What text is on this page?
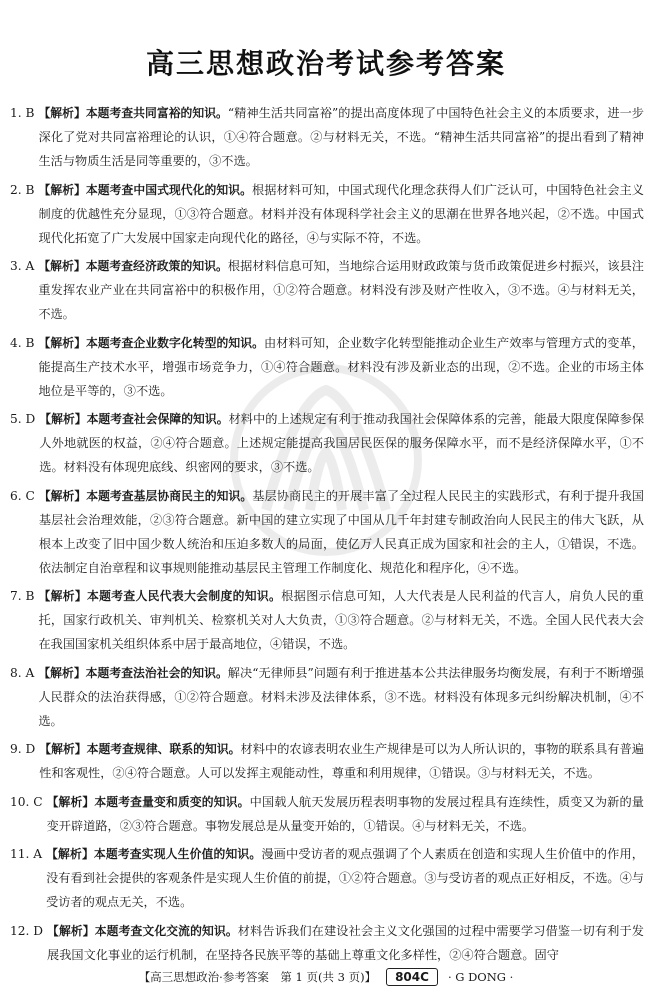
高三思想政治考试参考答案
1. B 【解析】本题考查共同富裕的知识。“精神生活共同富裕”的提出高度体现了中国特色社会主义的本质要求，进一步深化了党对共同富裕理论的认识，①④符合题意。②与材料无关，不选。“精神生活共同富裕”的提出看到了精神生活与物质生活是同等重要的，③不选。
2. B 【解析】本题考查中国式现代化的知识。根据材料可知，中国式现代化理念获得人们广泛认可，中国特色社会主义制度的优越性充分显现，①③符合题意。材料并没有体现科学社会主义的思潮在世界各地兴起，②不选。中国式现代化拓宽了广大发展中国家走向现代化的路径，④与实际不符，不选。
3. A 【解析】本题考查经济政策的知识。根据材料信息可知，当地综合运用财政政策与货币政策促进乡村振兴，该县注重发挥农业产业在共同富裕中的积极作用，①②符合题意。材料没有涉及财产性收入，③不选。④与材料无关，不选。
4. B 【解析】本题考查企业数字化转型的知识。由材料可知，企业数字化转型能推动企业生产效率与管理方式的变革，能提高生产技术水平，增强市场竞争力，①④符合题意。材料没有涉及新业态的出现，②不选。企业的市场主体地位是平等的，③不选。
5. D 【解析】本题考查社会保障的知识。材料中的上述规定有利于推动我国社会保障体系的完善，能最大限度保障参保人外地就医的权益，②④符合题意。上述规定能提高我国居民医保的服务保障水平，而不是经济保障水平，①不选。材料没有体现兜底线、织密网的要求，③不选。
6. C 【解析】本题考查基层协商民主的知识。基层协商民主的开展丰富了全过程人民民主的实践形式，有利于提升我国基层社会治理效能，②③符合题意。新中国的建立实现了中国从几千年封建专制政治向人民民主的伟大飞跃，从根本上改变了旧中国少数人统治和压迫多数人的局面，使亿万人民真正成为国家和社会的主人，①错误，不选。依法制定自治章程和议事规则能推动基层民主管理工作制度化、规范化和程序化，④不选。
7. B 【解析】本题考查人民代表大会制度的知识。根据图示信息可知，人大代表是人民利益的代言人，肩负人民的重托，国家行政机关、审判机关、检察机关对人大负责，①③符合题意。②与材料无关，不选。全国人民代表大会在我国国家机关组织体系中居于最高地位，④错误，不选。
8. A 【解析】本题考查法治社会的知识。解决“无律师县”问题有利于推进基本公共法律服务均衡发展，有利于不断增强人民群众的法治获得感，①②符合题意。材料未涉及法律体系，③不选。材料没有体现多元纠纷解决机制，④不选。
9. D 【解析】本题考查规律、联系的知识。材料中的农谚表明农业生产规律是可以为人所认识的，事物的联系具有普遍性和客观性，②④符合题意。人可以发挥主观能动性，尊重和利用规律，①错误。③与材料无关，不选。
10. C 【解析】本题考查量变和质变的知识。中国载人航天发展历程表明事物的发展过程具有连续性，质变又为新的量变开辟道路，②③符合题意。事物发展总是从量变开始的，①错误。④与材料无关，不选。
11. A 【解析】本题考查实现人生价值的知识。漫画中受访者的观点强调了个人素质在创造和实现人生价值中的作用，没有看到社会提供的客观条件是实现人生价值的前提，①②符合题意。③与受访者的观点正好相反，不选。④与受访者的观点无关，不选。
12. D 【解析】本题考查文化交流的知识。材料告诉我们在建设社会主义文化强国的过程中需要学习借鉴一切有利于发展我国文化事业的运行机制，在坚持各民族平等的基础上尊重文化多样性，②④符合题意。固守
【高三思想政治·参考答案　第 1 页(共 3 页)】	804C	· G DONG ·
